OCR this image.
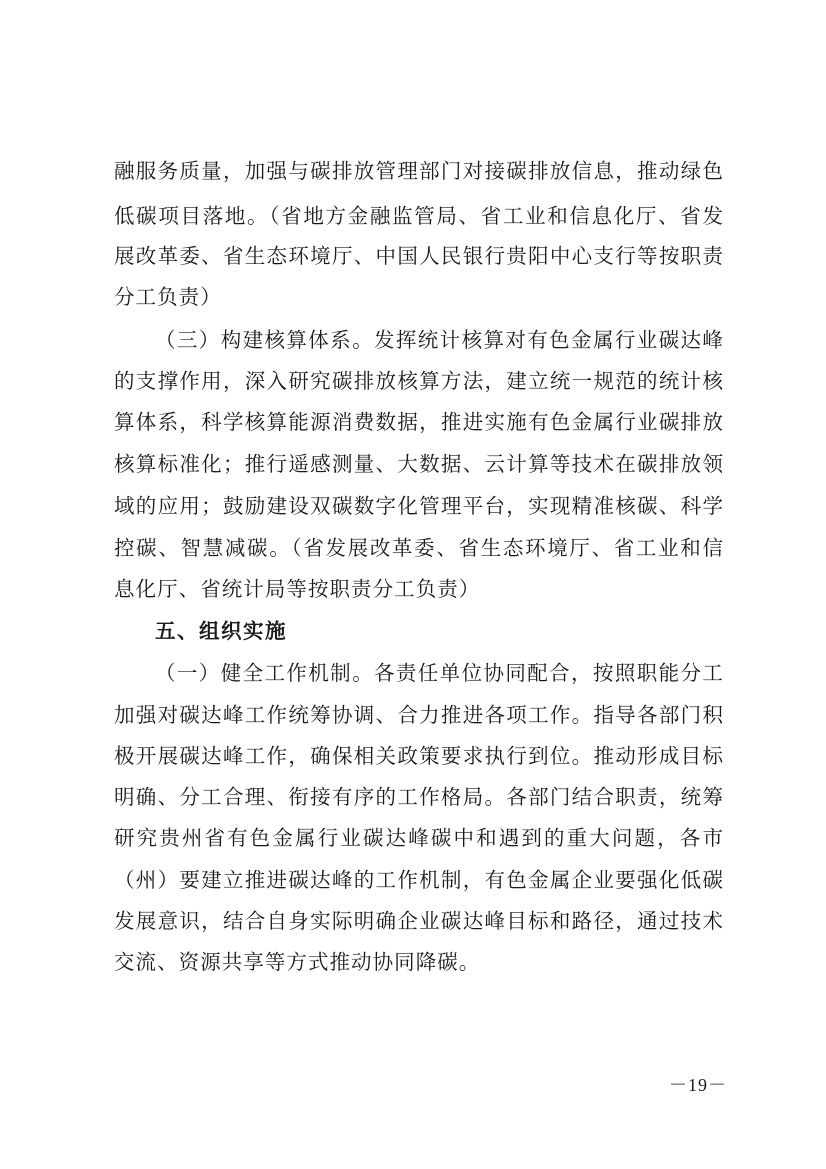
融服务质量，加强与碳排放管理部门对接碳排放信息，推动绿色
低碳项目落地。（省地方金融监管局、省工业和信息化厅、省发
展改革委、省生态环境厅、中国人民银行贵阳中心支行等按职责
分工负责）
（三）构建核算体系。发挥统计核算对有色金属行业碳达峰
的支撑作用，深入研究碳排放核算方法，建立统一规范的统计核
算体系，科学核算能源消费数据，推进实施有色金属行业碳排放
核算标准化；推行遥感测量、大数据、云计算等技术在碳排放领
域的应用；鼓励建设双碳数字化管理平台，实现精准核碳、科学
控碳、智慧减碳。（省发展改革委、省生态环境厅、省工业和信
息化厅、省统计局等按职责分工负责）
五、组织实施
（一）健全工作机制。各责任单位协同配合，按照职能分工
加强对碳达峰工作统筹协调、合力推进各项工作。指导各部门积
极开展碳达峰工作，确保相关政策要求执行到位。推动形成目标
明确、分工合理、衔接有序的工作格局。各部门结合职责，统筹
研究贵州省有色金属行业碳达峰碳中和遇到的重大问题，各市
（州）要建立推进碳达峰的工作机制，有色金属企业要强化低碳
发展意识，结合自身实际明确企业碳达峰目标和路径，通过技术
交流、资源共享等方式推动协同降碳。
－19－
